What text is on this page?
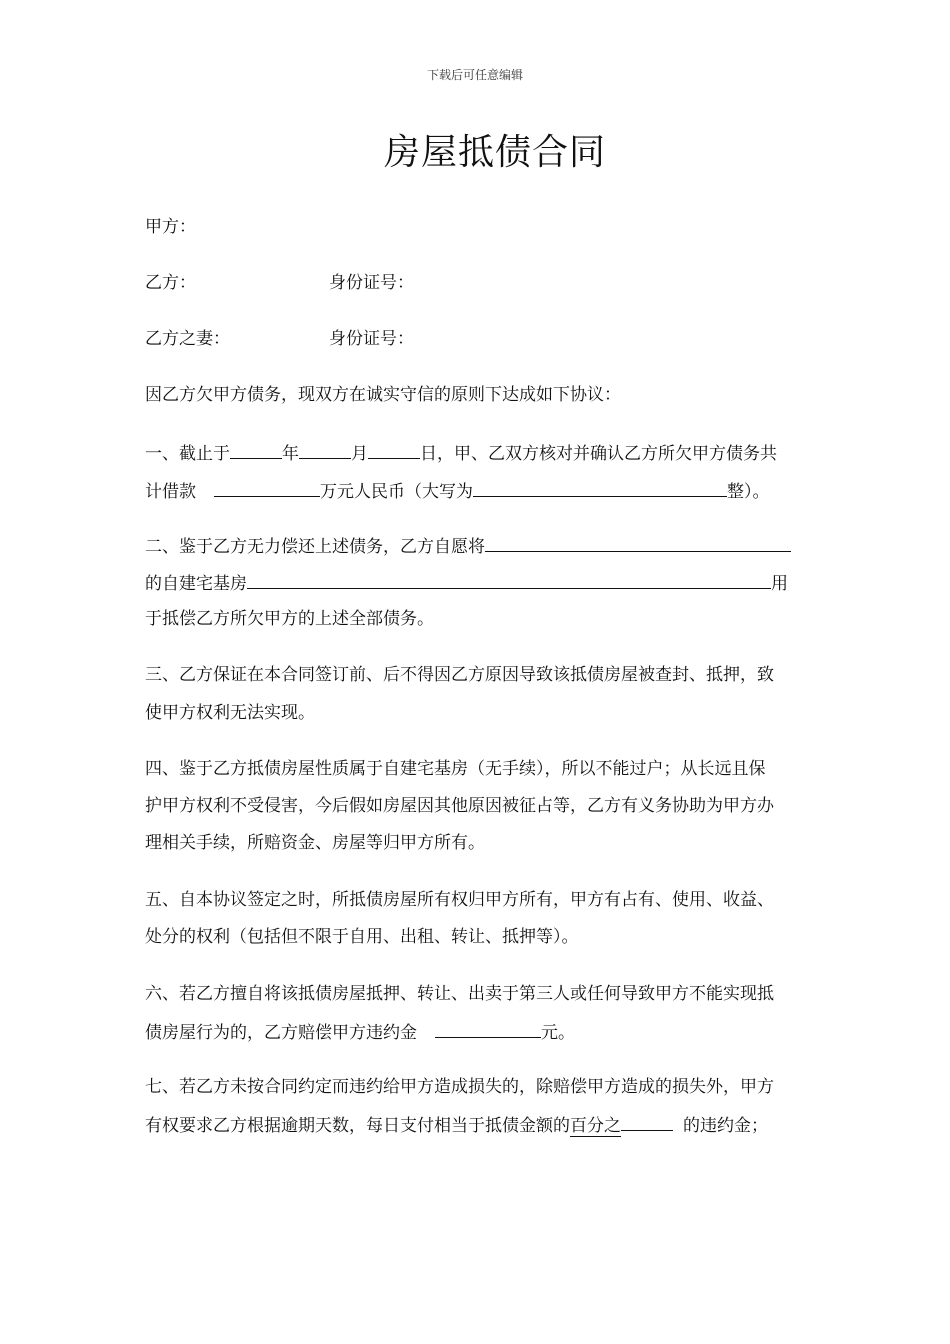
下载后可任意编辑
房屋抵债合同
甲方：
乙方：	身份证号：
乙方之妻：	身份证号：
因乙方欠甲方债务，现双方在诚实守信的原则下达成如下协议：
一、截止于	年	月	日，甲、乙双方核对并确认乙方所欠甲方债务共
计借款	万元人民币（大写为	整）。
二、鉴于乙方无力偿还上述债务，乙方自愿将
的自建宅基房	用
于抵偿乙方所欠甲方的上述全部债务。
三、乙方保证在本合同签订前、后不得因乙方原因导致该抵债房屋被查封、抵押，致
使甲方权利无法实现。
四、鉴于乙方抵债房屋性质属于自建宅基房（无手续），所以不能过户；从长远且保
护甲方权利不受侵害，今后假如房屋因其他原因被征占等，乙方有义务协助为甲方办
理相关手续，所赔资金、房屋等归甲方所有。
五、自本协议签定之时，所抵债房屋所有权归甲方所有，甲方有占有、使用、收益、
处分的权利（包括但不限于自用、出租、转让、抵押等）。
六、若乙方擅自将该抵债房屋抵押、转让、出卖于第三人或任何导致甲方不能实现抵
债房屋行为的，乙方赔偿甲方违约金	元。
七、若乙方未按合同约定而违约给甲方造成损失的，除赔偿甲方造成的损失外，甲方
有权要求乙方根据逾期天数，每日支付相当于抵债金额的百分之	的违约金；
